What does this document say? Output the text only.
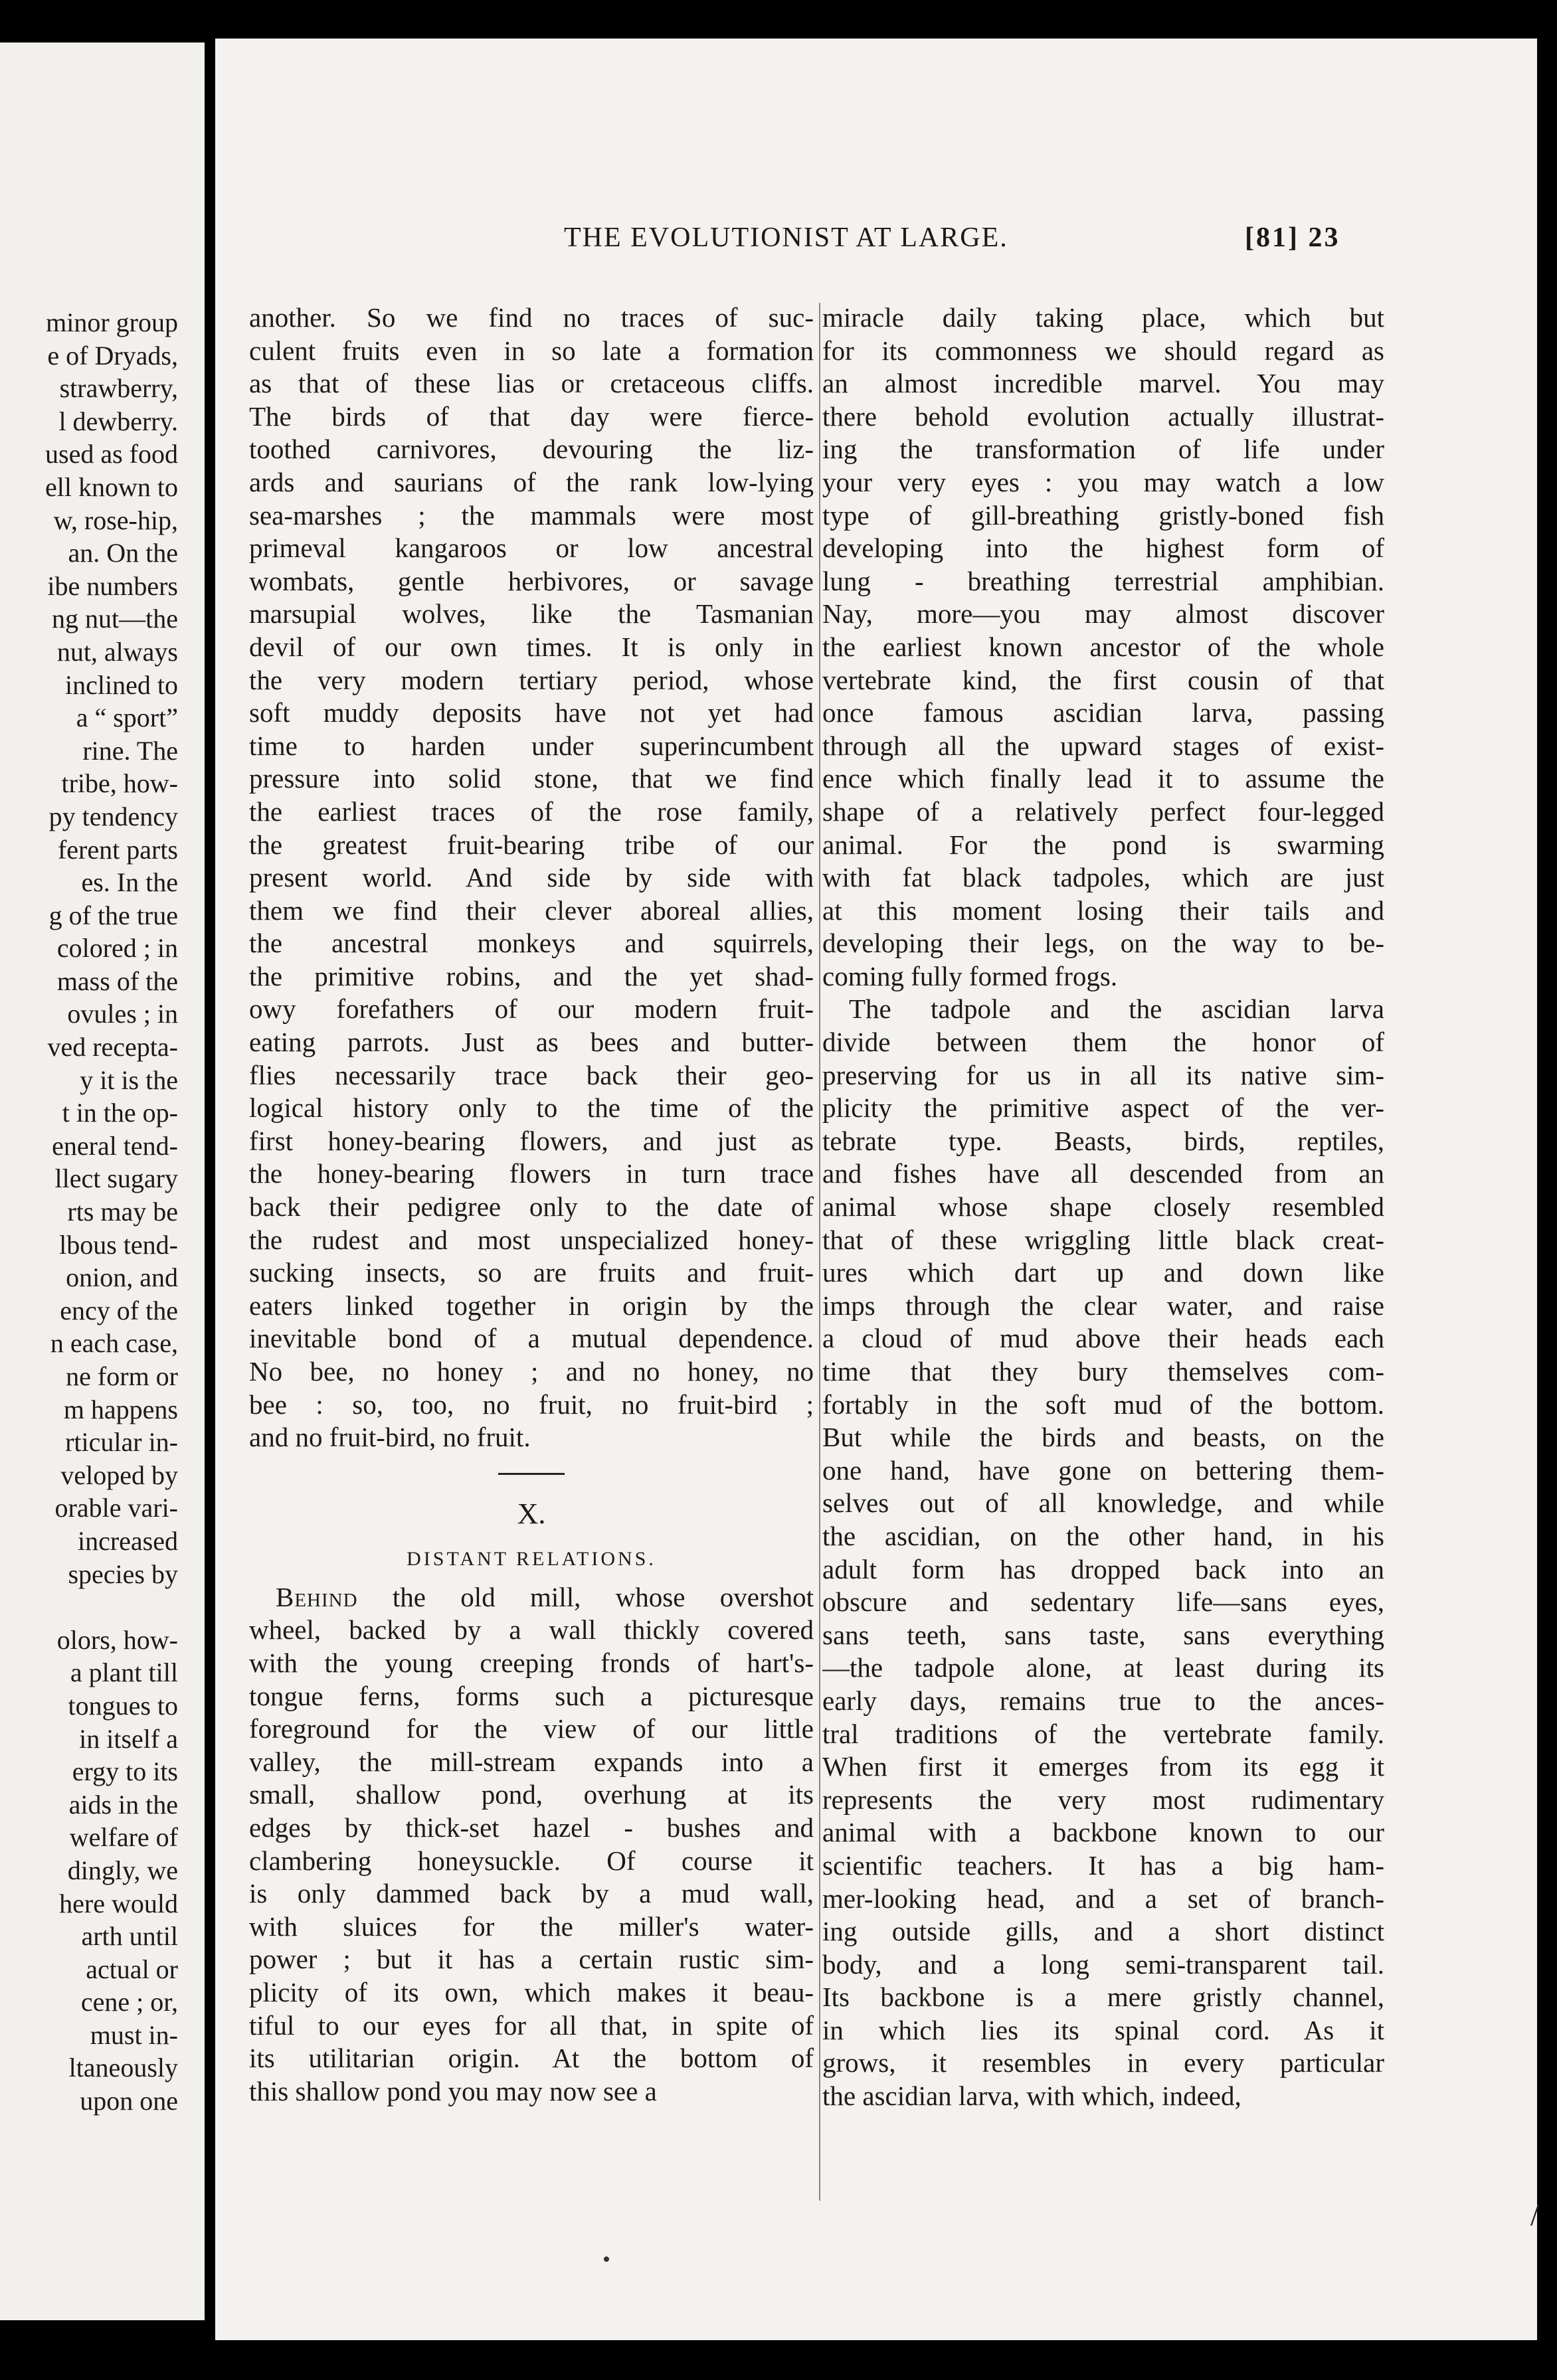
minor group
e of Dryads,
strawberry,
l dewberry.
used as food
ell known to
w, rose-hip,
an. On the
ibe numbers
ng nut—the
nut, always
inclined to
a “ sport”
rine. The
tribe, how-
py tendency
ferent parts
es. In the
g of the true
colored ; in
mass of the
ovules ; in
ved recepta-
y it is the
t in the op-
eneral tend-
llect sugary
rts may be
lbous tend-
onion, and
ency of the
n each case,
ne form or
m happens
rticular in-
veloped by
orable vari-
increased
species by
olors, how-
a plant till
tongues to
in itself a
ergy to its
aids in the
welfare of
dingly, we
here would
arth until
actual or
cene ; or,
must in-
ltaneously
upon one
THE EVOLUTIONIST AT LARGE.	[81] 23
another. So we find no traces of suc-
culent fruits even in so late a formation
as that of these lias or cretaceous cliffs.
The birds of that day were fierce-
toothed carnivores, devouring the liz-
ards and saurians of the rank low-lying
sea-marshes ; the mammals were most
primeval kangaroos or low ancestral
wombats, gentle herbivores, or savage
marsupial wolves, like the Tasmanian
devil of our own times. It is only in
the very modern tertiary period, whose
soft muddy deposits have not yet had
time to harden under superincumbent
pressure into solid stone, that we find
the earliest traces of the rose family,
the greatest fruit-bearing tribe of our
present world. And side by side with
them we find their clever aboreal allies,
the ancestral monkeys and squirrels,
the primitive robins, and the yet shad-
owy forefathers of our modern fruit-
eating parrots. Just as bees and butter-
flies necessarily trace back their geo-
logical history only to the time of the
first honey-bearing flowers, and just as
the honey-bearing flowers in turn trace
back their pedigree only to the date of
the rudest and most unspecialized honey-
sucking insects, so are fruits and fruit-
eaters linked together in origin by the
inevitable bond of a mutual dependence.
No bee, no honey ; and no honey, no
bee : so, too, no fruit, no fruit-bird ;
and no fruit-bird, no fruit.
X.
DISTANT RELATIONS.
Behind the old mill, whose overshot
wheel, backed by a wall thickly covered
with the young creeping fronds of hart's-
tongue ferns, forms such a picturesque
foreground for the view of our little
valley, the mill-stream expands into a
small, shallow pond, overhung at its
edges by thick-set hazel - bushes and
clambering honeysuckle. Of course it
is only dammed back by a mud wall,
with sluices for the miller's water-
power ; but it has a certain rustic sim-
plicity of its own, which makes it beau-
tiful to our eyes for all that, in spite of
its utilitarian origin. At the bottom of
this shallow pond you may now see a
miracle daily taking place, which but
for its commonness we should regard as
an almost incredible marvel. You may
there behold evolution actually illustrat-
ing the transformation of life under
your very eyes : you may watch a low
type of gill-breathing gristly-boned fish
developing into the highest form of
lung - breathing terrestrial amphibian.
Nay, more—you may almost discover
the earliest known ancestor of the whole
vertebrate kind, the first cousin of that
once famous ascidian larva, passing
through all the upward stages of exist-
ence which finally lead it to assume the
shape of a relatively perfect four-legged
animal. For the pond is swarming
with fat black tadpoles, which are just
at this moment losing their tails and
developing their legs, on the way to be-
coming fully formed frogs.
The tadpole and the ascidian larva
divide between them the honor of
preserving for us in all its native sim-
plicity the primitive aspect of the ver-
tebrate type. Beasts, birds, reptiles,
and fishes have all descended from an
animal whose shape closely resembled
that of these wriggling little black creat-
ures which dart up and down like
imps through the clear water, and raise
a cloud of mud above their heads each
time that they bury themselves com-
fortably in the soft mud of the bottom.
But while the birds and beasts, on the
one hand, have gone on bettering them-
selves out of all knowledge, and while
the ascidian, on the other hand, in his
adult form has dropped back into an
obscure and sedentary life—sans eyes,
sans teeth, sans taste, sans everything
—the tadpole alone, at least during its
early days, remains true to the ances-
tral traditions of the vertebrate family.
When first it emerges from its egg it
represents the very most rudimentary
animal with a backbone known to our
scientific teachers. It has a big ham-
mer-looking head, and a set of branch-
ing outside gills, and a short distinct
body, and a long semi-transparent tail.
Its backbone is a mere gristly channel,
in which lies its spinal cord. As it
grows, it resembles in every particular
the ascidian larva, with which, indeed,
/
